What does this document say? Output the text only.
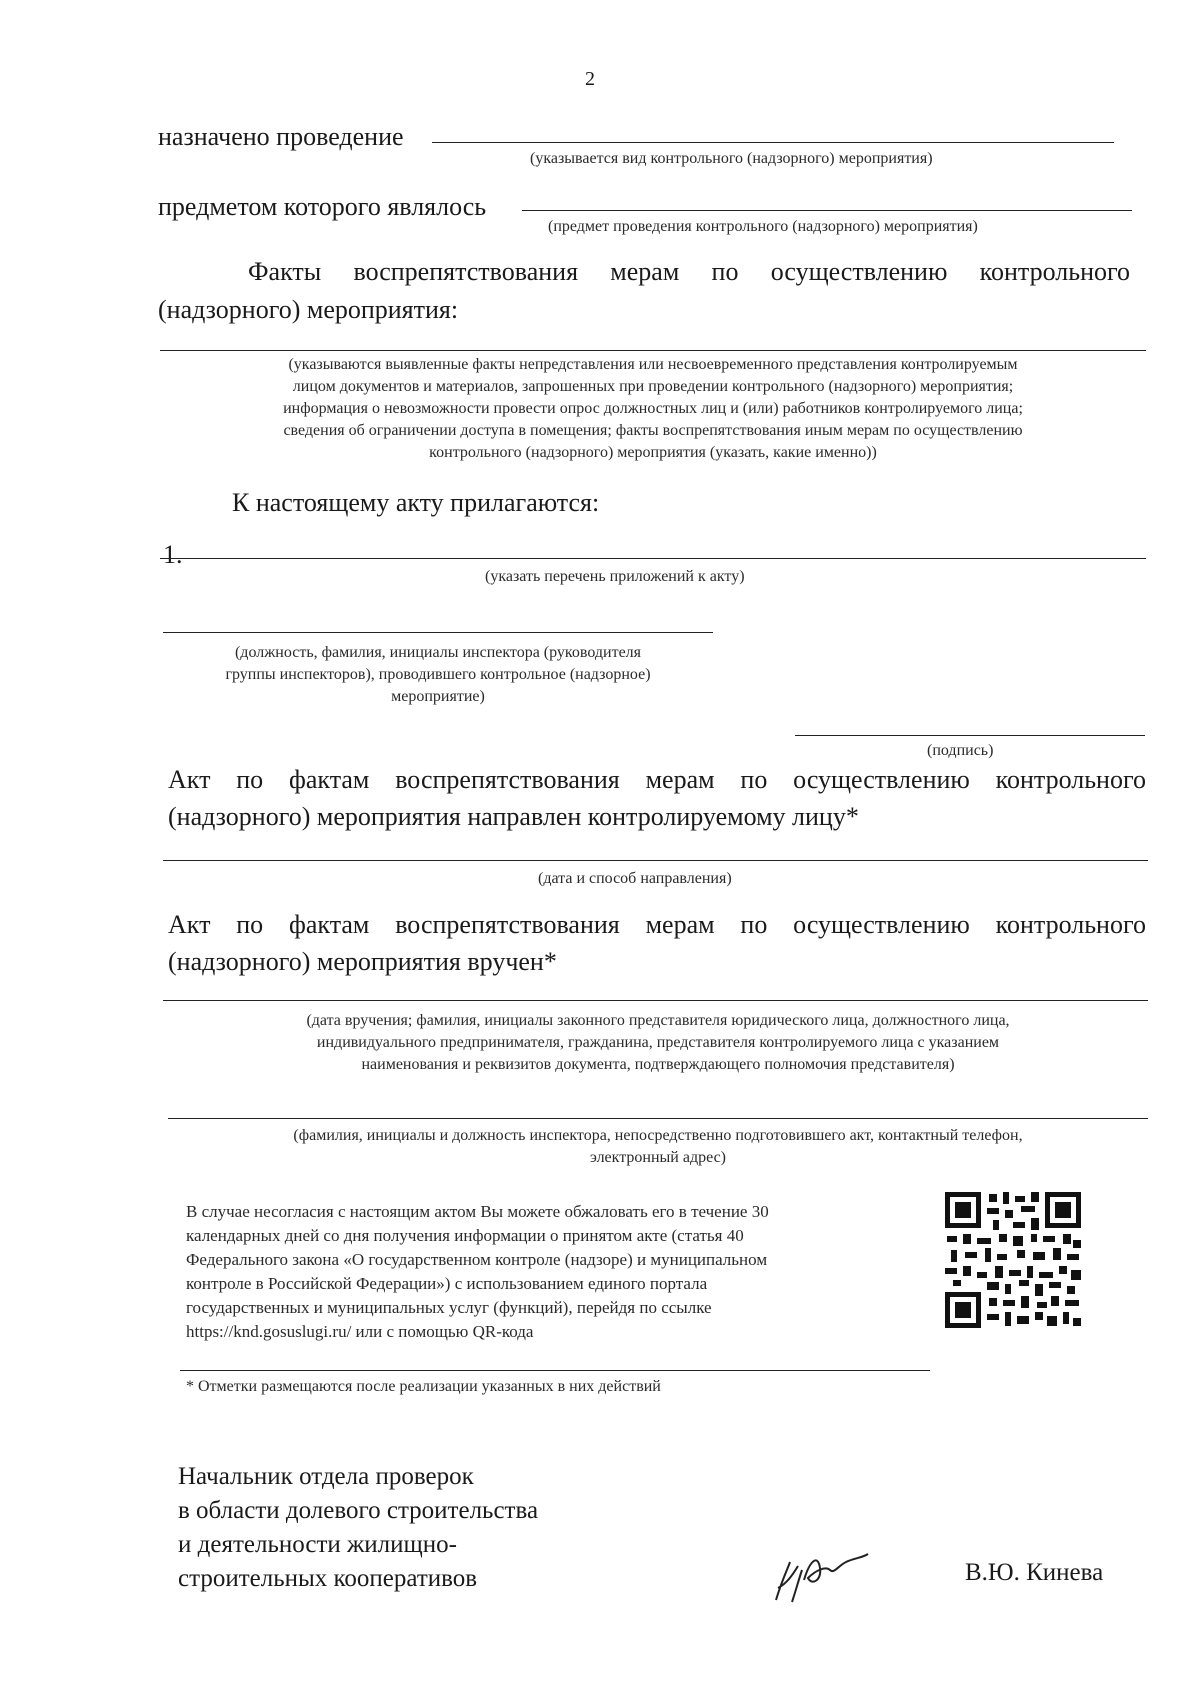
2
назначено проведение
(указывается вид контрольного (надзорного) мероприятия)
предметом которого являлось
(предмет проведения контрольного (надзорного) мероприятия)
Факты воспрепятствования мерам по осуществлению контрольного
(надзорного) мероприятия:
(указываются выявленные факты непредставления или несвоевременного представления контролируемым
лицом документов и материалов, запрошенных при проведении контрольного (надзорного) мероприятия;
информация о невозможности провести опрос должностных лиц и (или) работников контролируемого лица;
сведения об ограничении доступа в помещения; факты воспрепятствования иным мерам по осуществлению
контрольного (надзорного) мероприятия (указать, какие именно))
К настоящему акту прилагаются:
1.
(указать перечень приложений к акту)
(должность, фамилия, инициалы инспектора (руководителя
группы инспекторов), проводившего контрольное (надзорное)
мероприятие)
(подпись)
Акт по фактам воспрепятствования мерам по осуществлению контрольного
(надзорного) мероприятия направлен контролируемому лицу*
(дата и способ направления)
Акт по фактам воспрепятствования мерам по осуществлению контрольного
(надзорного) мероприятия вручен*
(дата вручения; фамилия, инициалы законного представителя юридического лица, должностного лица,
индивидуального предпринимателя, гражданина, представителя контролируемого лица с указанием
наименования и реквизитов документа, подтверждающего полномочия представителя)
(фамилия, инициалы и должность инспектора, непосредственно подготовившего акт, контактный телефон,
электронный адрес)
В случае несогласия с настоящим актом Вы можете обжаловать его в течение 30
календарных дней со дня получения информации о принятом акте (статья 40
Федерального закона «О государственном контроле (надзоре) и муниципальном
контроле в Российской Федерации») с использованием единого портала
государственных и муниципальных услуг (функций), перейдя по ссылке
https://knd.gosuslugi.ru/ или с помощью QR-кода
* Отметки размещаются после реализации указанных в них действий
Начальник отдела проверок
в области долевого строительства
и деятельности жилищно-
строительных кооперативов	В.Ю. Кинева
